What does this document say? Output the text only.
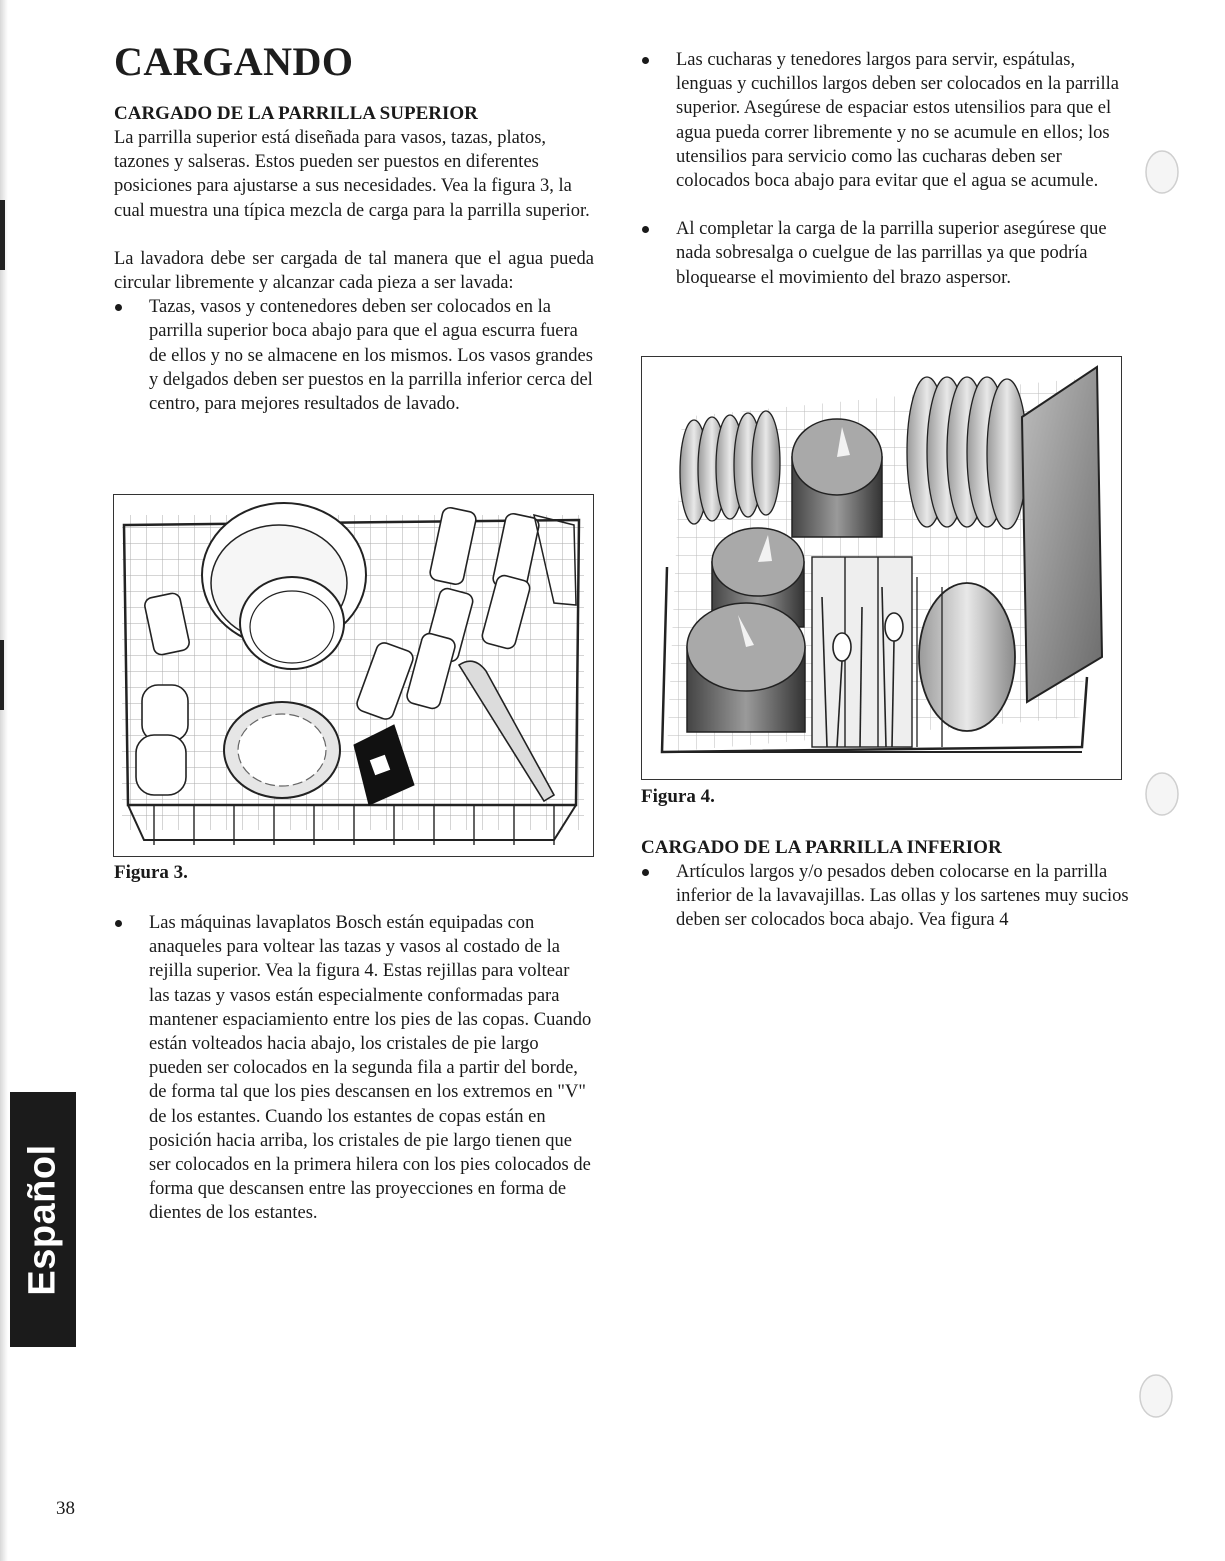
CARGANDO
CARGADO DE LA PARRILLA SUPERIOR

La parrilla superior está diseñada para vasos, tazas, platos, tazones y salseras. Estos pueden ser puestos en diferentes posiciones para ajustarse a sus necesidades. Vea la figura 3, la cual muestra una típica mezcla de carga para la parrilla superior.

La lavadora debe ser cargada de tal manera que el agua pueda circular libremente y alcanzar cada pieza a ser lavada:

Tazas, vasos y contenedores deben ser colocados en la parrilla superior boca abajo para que el agua escurra fuera de ellos y no se almacene en los mismos. Los vasos grandes y delgados deben ser puestos en la parrilla inferior cerca del centro, para mejores resultados de lavado.

Figura 3.

Las máquinas lavaplatos Bosch están equipadas con anaqueles para voltear las tazas y vasos al costado de la rejilla superior. Vea la figura 4. Estas rejillas para voltear las tazas y vasos están especialmente conformadas para mantener espaciamiento entre los pies de las copas. Cuando están volteados hacia abajo, los cristales de pie largo pueden ser colocados en la segunda fila a partir del borde, de forma tal que los pies descansen en los extremos en "V" de los estantes. Cuando los estantes de copas están en posición hacia arriba, los cristales de pie largo tienen que ser colocados en la primera hilera con los pies colocados de forma que descansen entre las proyecciones en forma de dientes de los estantes.

Las cucharas y tenedores largos para servir, espátulas, lenguas y cuchillos largos deben ser colocados en la parrilla superior. Asegúrese de espaciar estos utensilios para que el agua pueda correr libremente y no se acumule en ellos; los utensilios para servicio como las cucharas deben ser colocados boca abajo para evitar que el agua se acumule.

Al completar la carga de la parrilla superior asegúrese que nada sobresalga o cuelgue de las parrillas ya que podría bloquearse el movimiento del brazo aspersor.

Figura 4.

CARGADO DE LA PARRILLA INFERIOR

Artículos largos y/o pesados deben colocarse en la parrilla inferior de la lavavajillas. Las ollas y los sartenes muy sucios deben ser colocados boca abajo. Vea figura 4

Español

38
